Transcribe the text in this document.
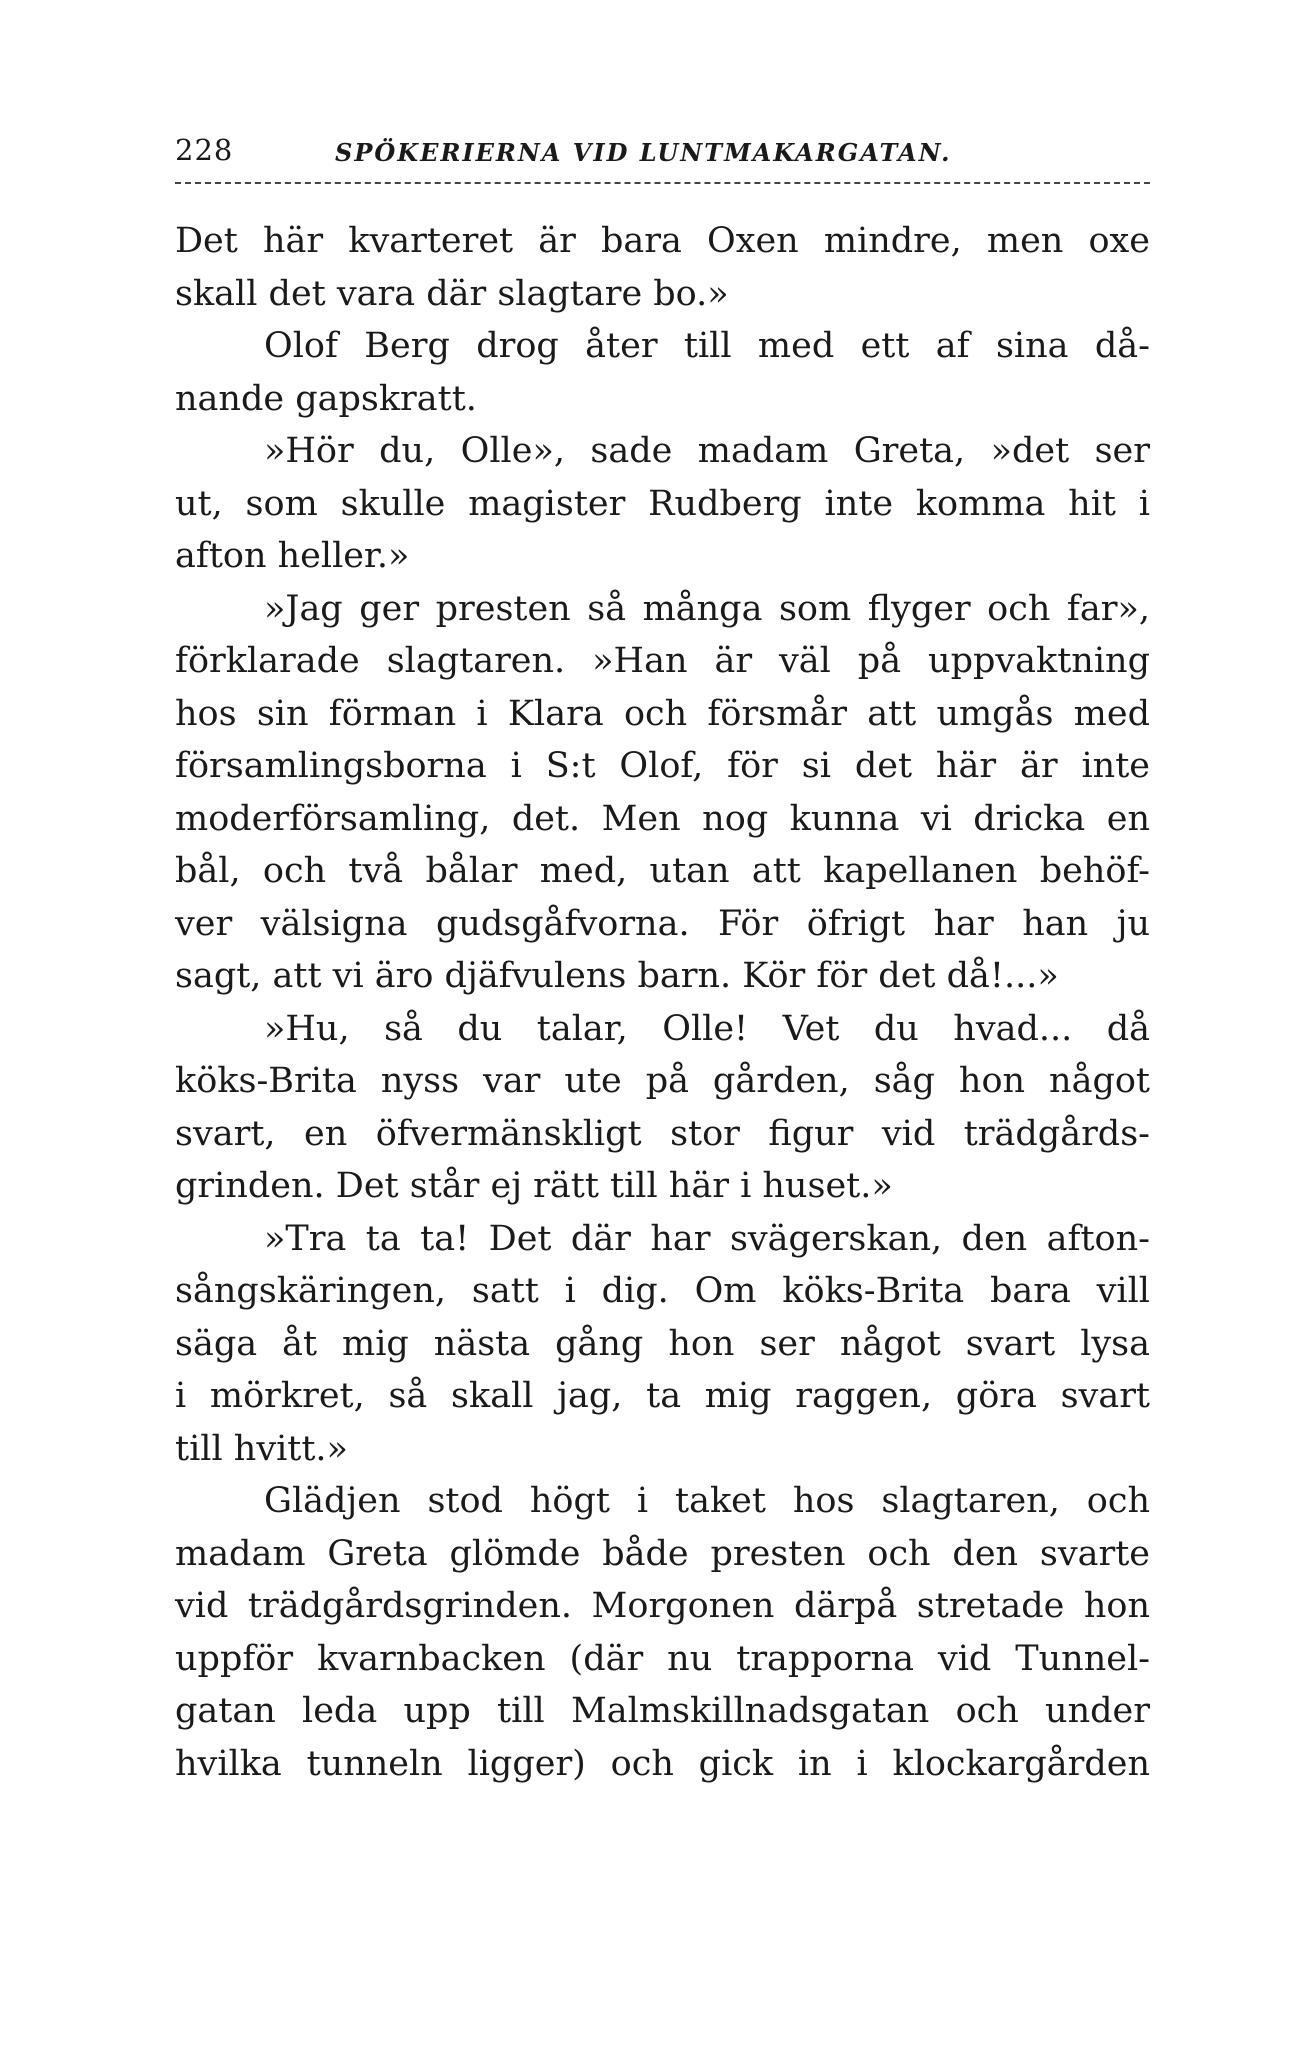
228	SPÖKERIERNA VID LUNTMAKARGATAN.
Det här kvarteret är bara Oxen mindre, men oxe
skall det vara där slagtare bo.»
Olof Berg drog åter till med ett af sina då-
nande gapskratt.
»Hör du, Olle», sade madam Greta, »det ser
ut, som skulle magister Rudberg inte komma hit i
afton heller.»
»Jag ger presten så många som flyger och far»,
förklarade slagtaren. »Han är väl på uppvaktning
hos sin förman i Klara och försmår att umgås med
församlingsborna i S:t Olof, för si det här är inte
moderförsamling, det. Men nog kunna vi dricka en
bål, och två bålar med, utan att kapellanen behöf-
ver välsigna gudsgåfvorna. För öfrigt har han ju
sagt, att vi äro djäfvulens barn. Kör för det då!...»
»Hu, så du talar, Olle! Vet du hvad... då
köks-Brita nyss var ute på gården, såg hon något
svart, en öfvermänskligt stor figur vid trädgårds-
grinden. Det står ej rätt till här i huset.»
»Tra ta ta! Det där har svägerskan, den afton-
sångskäringen, satt i dig. Om köks-Brita bara vill
säga åt mig nästa gång hon ser något svart lysa
i mörkret, så skall jag, ta mig raggen, göra svart
till hvitt.»
Glädjen stod högt i taket hos slagtaren, och
madam Greta glömde både presten och den svarte
vid trädgårdsgrinden. Morgonen därpå stretade hon
uppför kvarnbacken (där nu trapporna vid Tunnel-
gatan leda upp till Malmskillnadsgatan och under
hvilka tunneln ligger) och gick in i klockargården
